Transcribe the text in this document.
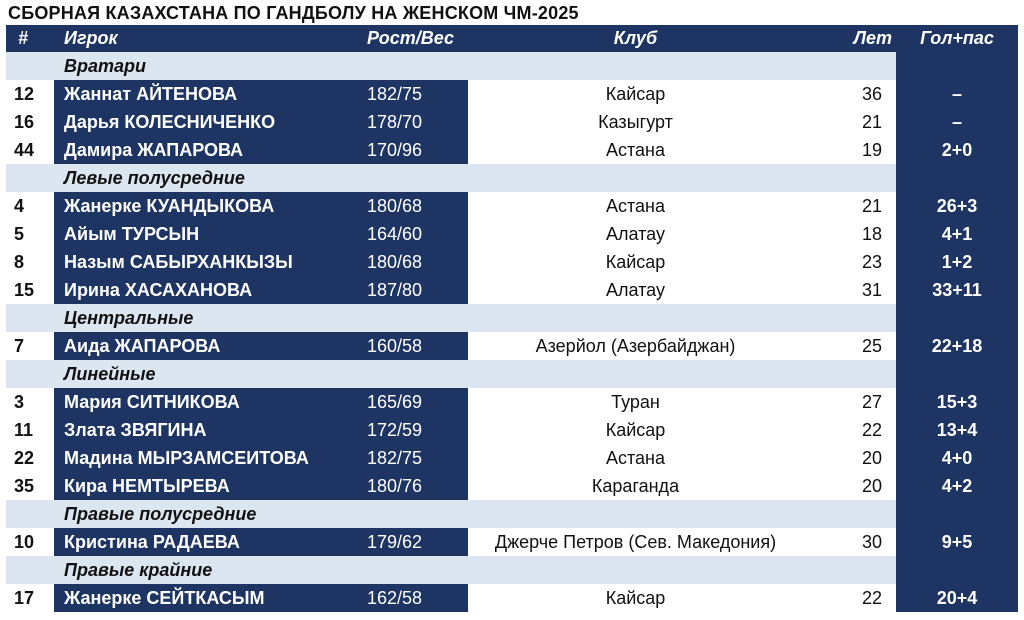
СБОРНАЯ КАЗАХСТАНА ПО ГАНДБОЛУ НА ЖЕНСКОМ ЧМ-2025
#	Игрок	Рост/Вес	Клуб	Лет	Гол+пас
Вратари
12	Жаннат АЙТЕНОВА	182/75	Кайсар	36	–
16	Дарья КОЛЕСНИЧЕНКО	178/70	Казыгурт	21	–
44	Дамира ЖАПАРОВА	170/96	Астана	19	2+0
Левые полусредние
4	Жанерке КУАНДЫКОВА	180/68	Астана	21	26+3
5	Айым ТУРСЫН	164/60	Алатау	18	4+1
8	Назым САБЫРХАНКЫЗЫ	180/68	Кайсар	23	1+2
15	Ирина ХАСАХАНОВА	187/80	Алатау	31	33+11
Центральные
7	Аида ЖАПАРОВА	160/58	Азерйол (Азербайджан)	25	22+18
Линейные
3	Мария СИТНИКОВА	165/69	Туран	27	15+3
11	Злата ЗВЯГИНА	172/59	Кайсар	22	13+4
22	Мадина МЫРЗАМСЕИТОВА	182/75	Астана	20	4+0
35	Кира НЕМТЫРЕВА	180/76	Караганда	20	4+2
Правые полусредние
10	Кристина РАДАЕВА	179/62	Джерче Петров (Сев. Македония)	30	9+5
Правые крайние
17	Жанерке СЕЙТКАСЫМ	162/58	Кайсар	22	20+4
